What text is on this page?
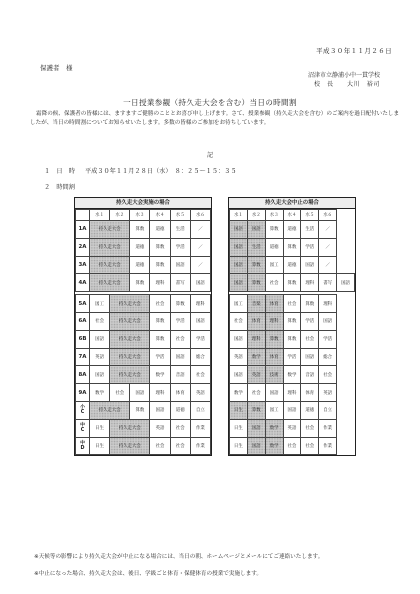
平成３０年１１月２６日
保護者　様
沼津市立静浦小中一貫学校
校　長　　大川　裕司
一日授業参観（持久走大会を含む）当日の時間割
霜降の候、保護者の皆様には、ますますご健勝のこととお喜び申し上げます。さて、授業参観（持久走大会を含む）のご案内を過日配付いたしましたが、当日の時間割についてお知らせいたします。多数の皆様のご参加をお待ちしています。
記
１　日　時 平成３０年１１月２８日（水）　８：２５～１５：３５
２　時間割
持久走大会実施の場合
	水１	水２	水３	水４	水５	水６
1A	持久走大会		算数	道徳	生活	／
2A	持久走大会		道徳	算数	学活	／
3A	持久走大会		道徳	算数	国語	／
4A	持久走大会		算数	理科	書写	国語

5A	図工	持久走大会		社会	算数	理科
6A	社会	持久走大会		算数	学活	国語
6B	国語	持久走大会		算数	社会	学活
7A	英語	持久走大会		学活	国語	総合
8A	国語	持久走大会		数学	音語	社会
9A	数学	社会	国語	理科	体育	英語
小
C	持久走大会		算数	国語	道徳	自立
中
C	日生	持久走大会		英語	社会	作業
中
D	日生	持久走大会		社会	社会	作業
持久走大会中止の場合
水１	水２	水３	水４	水５	水６	
国語	国語	算数	道徳	生活	／	
国語	生活	道徳	算数	学活	／	
国語	算数	図工	道徳	国語	／	
国語	算数	社会	算数	理科	書写	国語

図工	音楽	体育	社会	算数	理科	
社会	体育	理科	算数	学活	国語	
国語	理科	算数	算数	社会	学活	
英語	数学	体育	学活	国語	総合	
国語	英語	技術	数学	音語	社会	
数学	社会	国語	理科	体育	英語	
日生	算数	図工	国語	道徳	自立	
日生	国語	数学	英語	社会	作業	
日生	国語	数学	社会	社会	作業	
※天候等の影響により持久走大会が中止になる場合には、当日の朝、ホームページとメールにてご連絡いたします。
※中止になった場合、持久走大会は、後日、学級ごと体育・保健体育の授業で実施します。
